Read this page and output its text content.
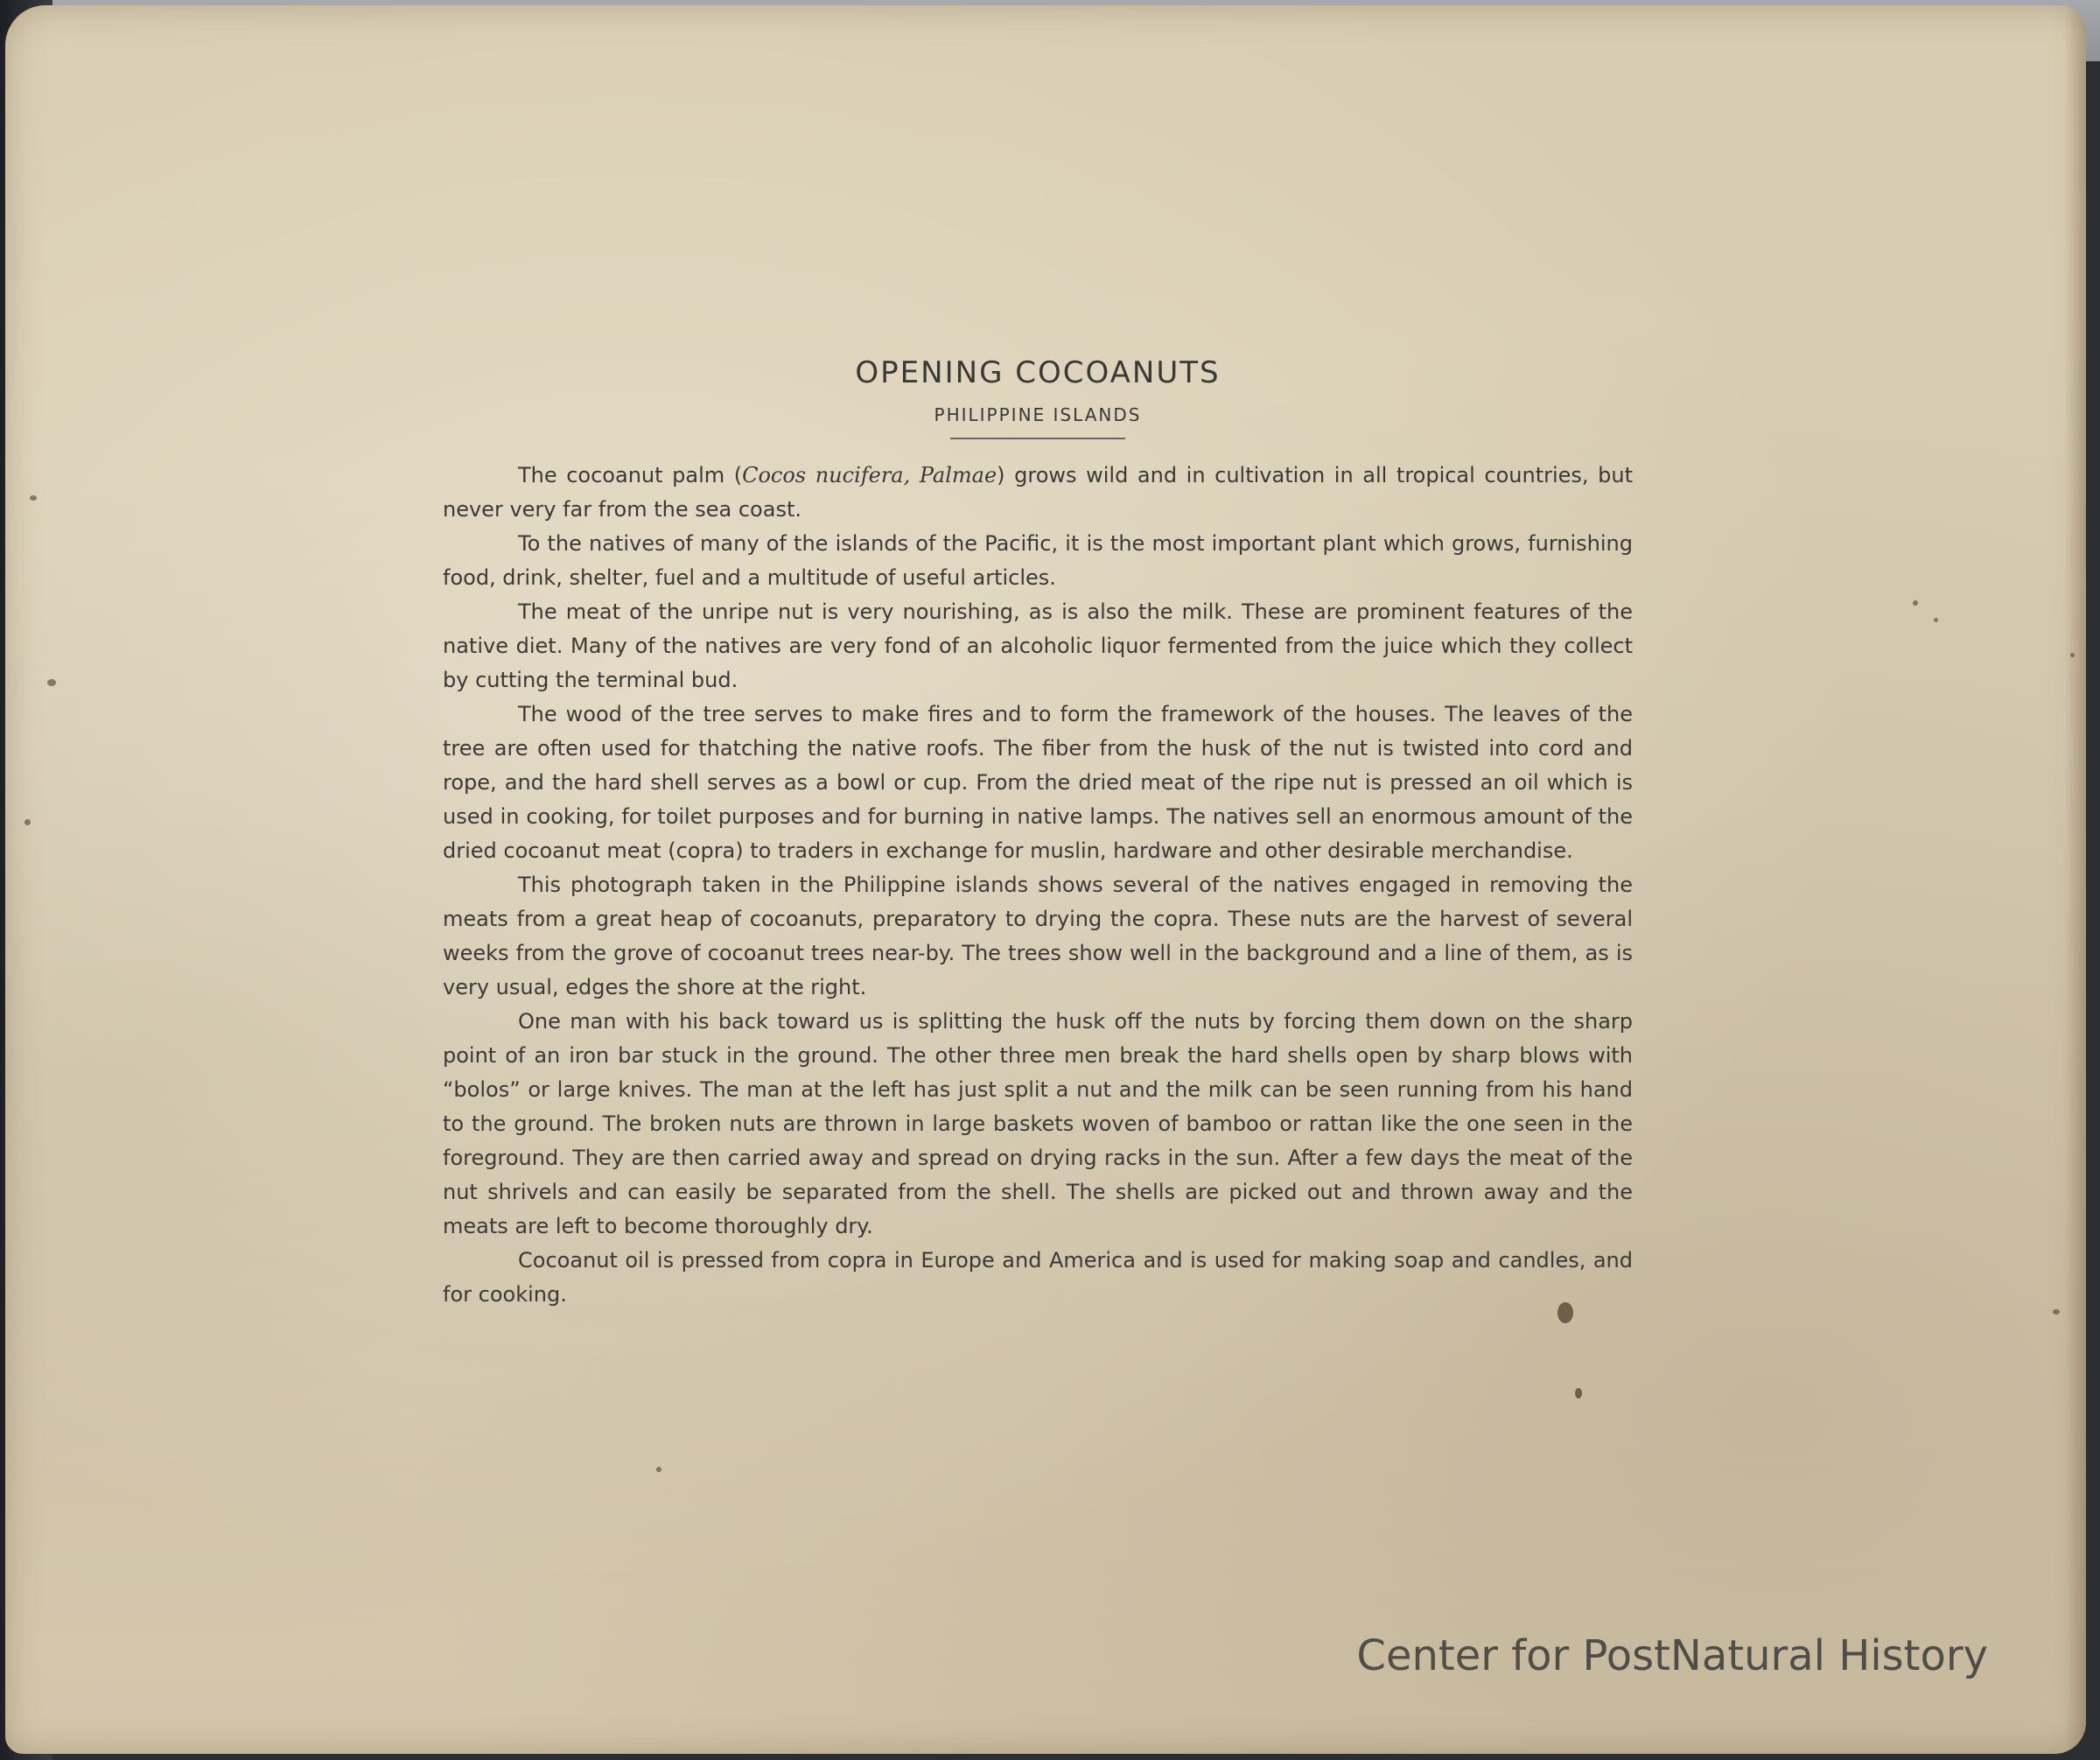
OPENING COCOANUTS
PHILIPPINE ISLANDS

The cocoanut palm (Cocos nucifera, Palmae) grows wild and in cultivation in all tropical countries, but never very far from the sea coast.

To the natives of many of the islands of the Pacific, it is the most important plant which grows, furnishing food, drink, shelter, fuel and a multitude of useful articles.

The meat of the unripe nut is very nourishing, as is also the milk. These are prominent features of the native diet. Many of the natives are very fond of an alcoholic liquor fermented from the juice which they collect by cutting the terminal bud.

The wood of the tree serves to make fires and to form the framework of the houses. The leaves of the tree are often used for thatching the native roofs. The fiber from the husk of the nut is twisted into cord and rope, and the hard shell serves as a bowl or cup. From the dried meat of the ripe nut is pressed an oil which is used in cooking, for toilet purposes and for burning in native lamps. The natives sell an enormous amount of the dried cocoanut meat (copra) to traders in exchange for muslin, hardware and other desirable merchandise.

This photograph taken in the Philippine islands shows several of the natives engaged in removing the meats from a great heap of cocoanuts, preparatory to drying the copra. These nuts are the harvest of several weeks from the grove of cocoanut trees near-by. The trees show well in the background and a line of them, as is very usual, edges the shore at the right.

One man with his back toward us is splitting the husk off the nuts by forcing them down on the sharp point of an iron bar stuck in the ground. The other three men break the hard shells open by sharp blows with “bolos” or large knives. The man at the left has just split a nut and the milk can be seen running from his hand to the ground. The broken nuts are thrown in large baskets woven of bamboo or rattan like the one seen in the foreground. They are then carried away and spread on drying racks in the sun. After a few days the meat of the nut shrivels and can easily be separated from the shell. The shells are picked out and thrown away and the meats are left to become thoroughly dry.

Cocoanut oil is pressed from copra in Europe and America and is used for making soap and candles, and for cooking.

Center for PostNatural History
